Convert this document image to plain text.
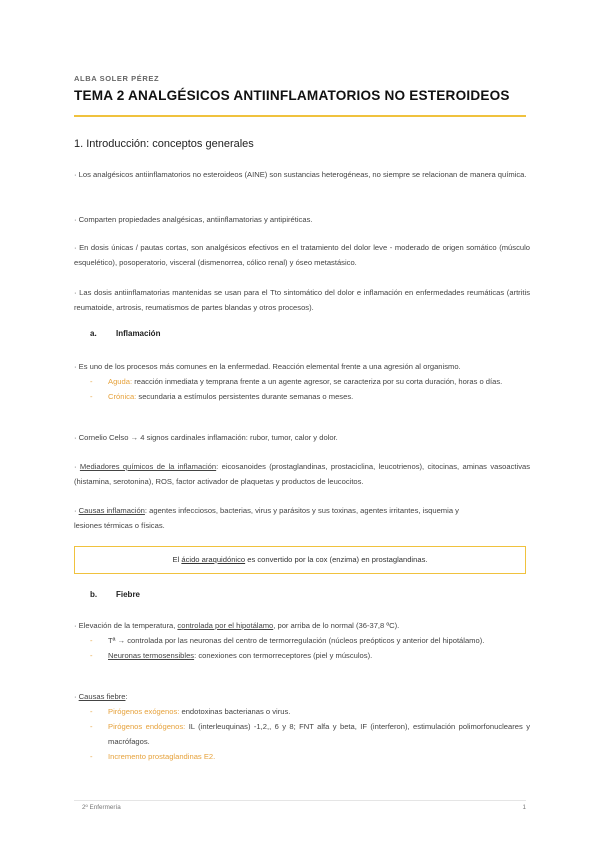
ALBA SOLER PÉREZ
TEMA 2 ANALGÉSICOS ANTIINFLAMATORIOS NO ESTEROIDEOS
1. Introducción: conceptos generales
· Los analgésicos antiinflamatorios no esteroideos (AINE) son sustancias heterogéneas, no siempre se relacionan de manera química.
· Comparten propiedades analgésicas, antiinflamatorias y antipiréticas.
· En dosis únicas / pautas cortas, son analgésicos efectivos en el tratamiento del dolor leve - moderado de origen somático (músculo esquelético), posoperatorio, visceral (dismenorrea, cólico renal) y óseo metastásico.
· Las dosis antiinflamatorias mantenidas se usan para el Tto sintomático del dolor e inflamación en enfermedades reumáticas (artritis reumatoide, artrosis, reumatismos de partes blandas y otros procesos).
a. Inflamación
· Es uno de los procesos más comunes en la enfermedad. Reacción elemental frente a una agresión al organismo.
- Aguda: reacción inmediata y temprana frente a un agente agresor, se caracteriza por su corta duración, horas o días.
- Crónica: secundaria a estímulos persistentes durante semanas o meses.
· Cornelio Celso → 4 signos cardinales inflamación: rubor, tumor, calor y dolor.
· Mediadores químicos de la inflamación: eicosanoides (prostaglandinas, prostaciclina, leucotrienos), citocinas, aminas vasoactivas (histamina, serotonina), ROS, factor activador de plaquetas y productos de leucocitos.
· Causas inflamación: agentes infecciosos, bacterias, virus y parásitos y sus toxinas, agentes irritantes, isquemia y lesiones térmicas o físicas.
El ácido araquidónico es convertido por la cox (enzima) en prostaglandinas.
b. Fiebre
· Elevación de la temperatura, controlada por el hipotálamo, por arriba de lo normal (36-37,8 ºC).
- Tª → controlada por las neuronas del centro de termorregulación (núcleos preópticos y anterior del hipotálamo).
- Neuronas termosensibles: conexiones con termorreceptores (piel y músculos).
· Causas fiebre:
- Pirógenos exógenos: endotoxinas bacterianas o virus.
- Pirógenos endógenos: IL (interleuquinas) -1,2,, 6 y 8; FNT alfa y beta, IF (interferon), estimulación polimorfonucleares y macrófagos.
- Incremento prostaglandinas E2.
2º Enfermería	1
